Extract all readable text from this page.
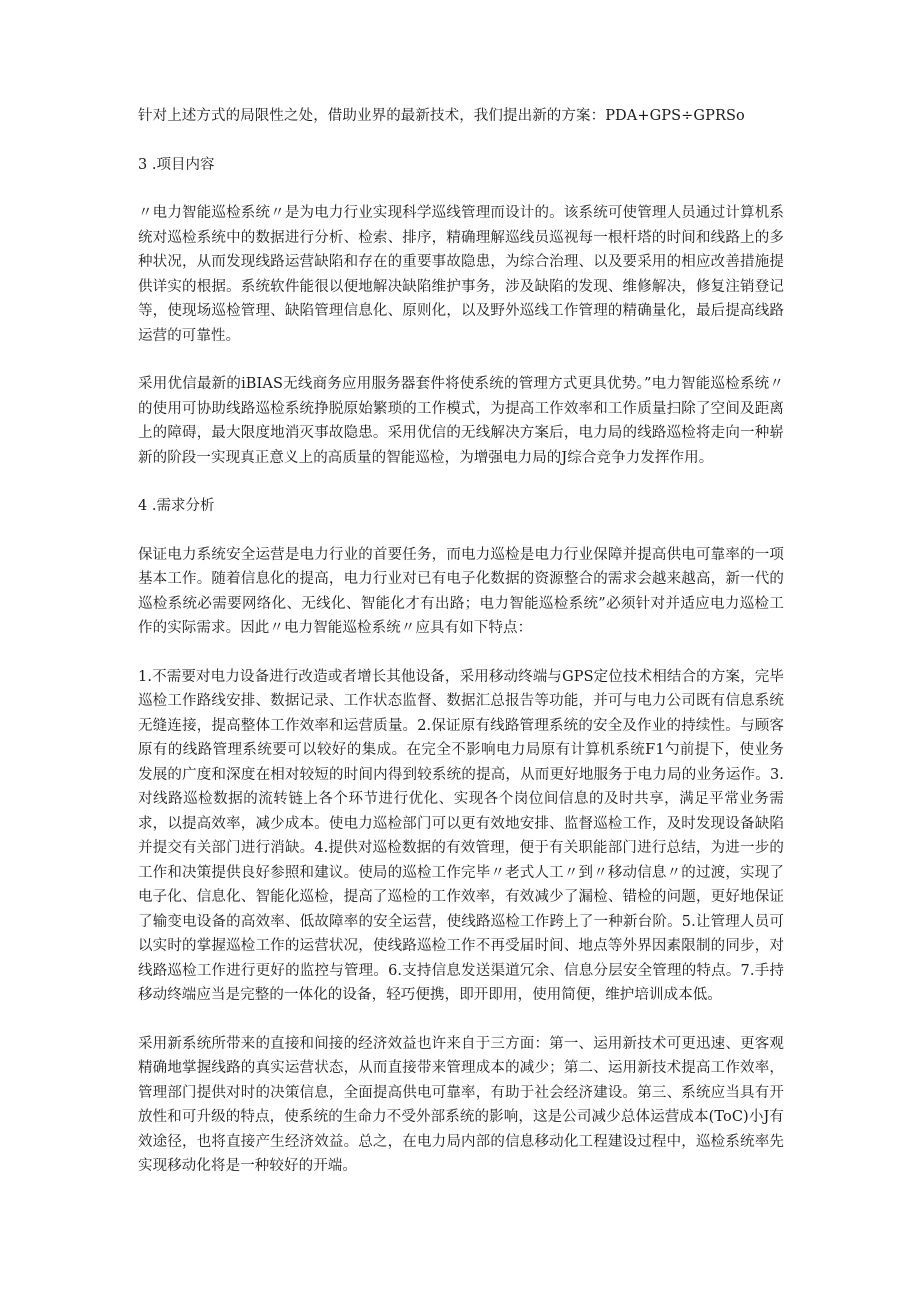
针对上述方式的局限性之处，借助业界的最新技术，我们提出新的方案：PDA+GPS÷GPRSo

3 .项目内容

〃电力智能巡检系统〃是为电力行业实现科学巡线管理而设计的。该系统可使管理人员通过计算机系统对巡检系统中的数据进行分析、检索、排序，精确理解巡线员巡视每一根杆塔的时间和线路上的多种状况，从而发现线路运营缺陷和存在的重要事故隐患，为综合治理、以及要采用的相应改善措施提供详实的根据。系统软件能很以便地解决缺陷维护事务，涉及缺陷的发现、维修解决，修复注销登记等，使现场巡检管理、缺陷管理信息化、原则化，以及野外巡线工作管理的精确量化，最后提高线路运营的可靠性。

采用优信最新的iBIAS无线商务应用服务器套件将使系统的管理方式更具优势。”电力智能巡检系统〃的使用可协助线路巡检系统挣脱原始繁琐的工作模式，为提高工作效率和工作质量扫除了空间及距离上的障碍，最大限度地消灭事故隐患。采用优信的无线解决方案后，电力局的线路巡检将走向一种崭新的阶段一实现真正意义上的高质量的智能巡检，为增强电力局的J综合竞争力发挥作用。

4 .需求分析

保证电力系统安全运营是电力行业的首要任务，而电力巡检是电力行业保障并提高供电可靠率的一项基本工作。随着信息化的提高，电力行业对已有电子化数据的资源整合的需求会越来越高，新一代的巡检系统必需要网络化、无线化、智能化才有出路；电力智能巡检系统”必须针对并适应电力巡检工作的实际需求。因此〃电力智能巡检系统〃应具有如下特点：

1.不需要对电力设备进行改造或者增长其他设备，采用移动终端与GPS定位技术相结合的方案，完毕巡检工作路线安排、数据记录、工作状态监督、数据汇总报告等功能，并可与电力公司既有信息系统无缝连接，提高整体工作效率和运营质量。2.保证原有线路管理系统的安全及作业的持续性。与顾客原有的线路管理系统要可以较好的集成。在完全不影响电力局原有计算机系统F1勺前提下，使业务发展的广度和深度在相对较短的时间内得到较系统的提高，从而更好地服务于电力局的业务运作。3.对线路巡检数据的流转链上各个环节进行优化、实现各个岗位间信息的及时共享，满足平常业务需求，以提高效率，减少成本。使电力巡检部门可以更有效地安排、监督巡检工作，及时发现设备缺陷并提交有关部门进行消缺。4.提供对巡检数据的有效管理，便于有关职能部门进行总结，为进一步的工作和决策提供良好参照和建议。使局的巡检工作完毕〃老式人工〃到〃移动信息〃的过渡，实现了电子化、信息化、智能化巡检，提高了巡检的工作效率，有效减少了漏检、错检的问题，更好地保证了输变电设备的高效率、低故障率的安全运营，使线路巡检工作跨上了一种新台阶。5.让管理人员可以实时的掌握巡检工作的运营状况，使线路巡检工作不再受届时间、地点等外界因素限制的同步，对线路巡检工作进行更好的监控与管理。6.支持信息发送渠道冗余、信息分层安全管理的特点。7.手持移动终端应当是完整的一体化的设备，轻巧便携，即开即用，使用简便，维护培训成本低。

采用新系统所带来的直接和间接的经济效益也许来自于三方面：第一、运用新技术可更迅速、更客观精确地掌握线路的真实运营状态，从而直接带来管理成本的减少；第二、运用新技术提高工作效率，管理部门提供对时的决策信息，全面提高供电可靠率，有助于社会经济建设。第三、系统应当具有开放性和可升级的特点，使系统的生命力不受外部系统的影响，这是公司减少总体运营成本(ToC)小J有效途径，也将直接产生经济效益。总之，在电力局内部的信息移动化工程建设过程中，巡检系统率先实现移动化将是一种较好的开端。
